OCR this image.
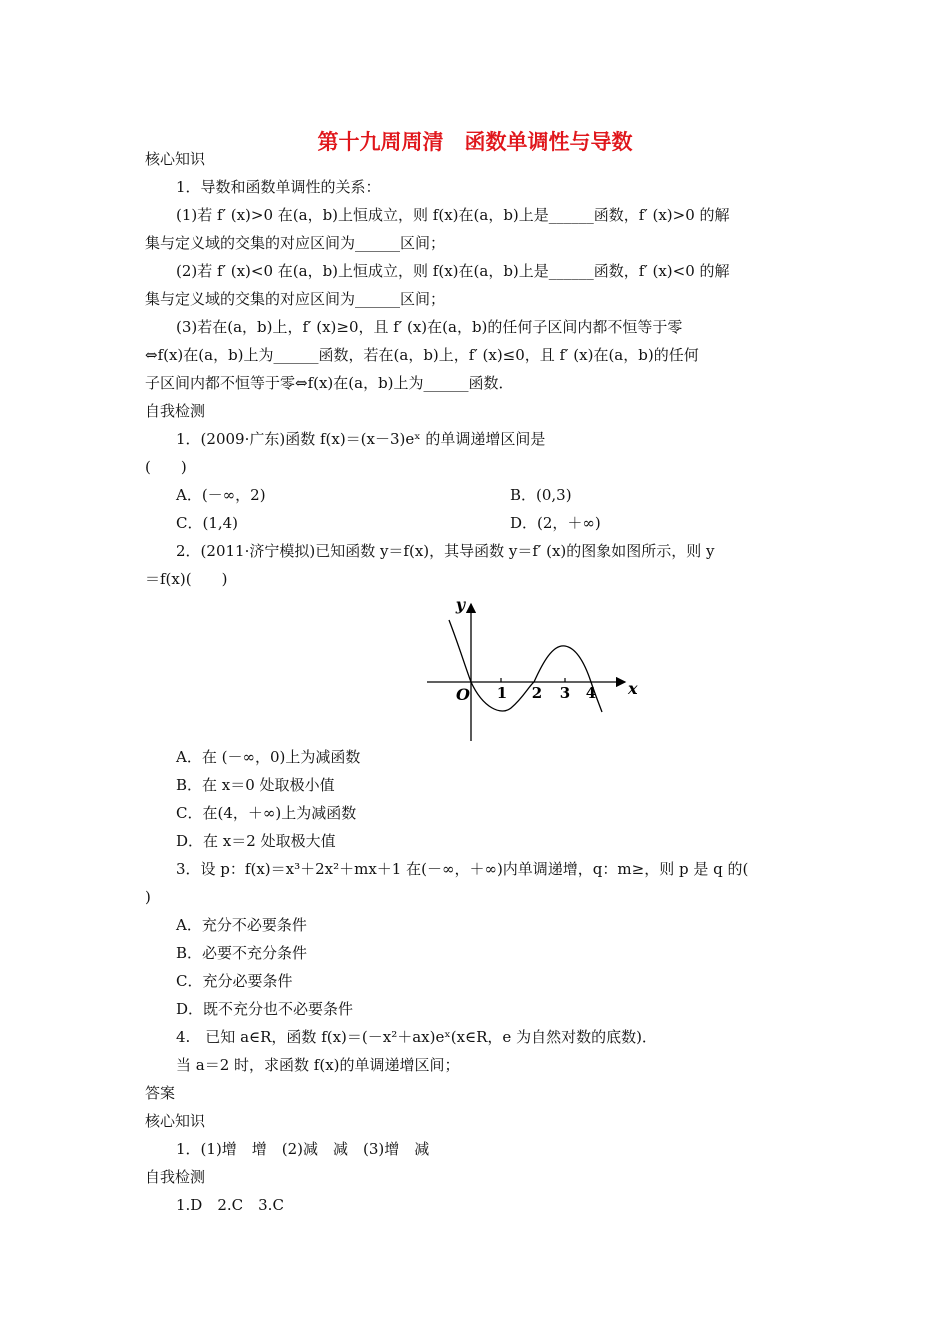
第十九周周清　函数单调性与导数
核心知识
1．导数和函数单调性的关系：
(1)若 f′ (x)>0 在(a，b)上恒成立，则 f(x)在(a，b)上是______函数，f′ (x)>0 的解
集与定义域的交集的对应区间为______区间；
(2)若 f′ (x)<0 在(a，b)上恒成立，则 f(x)在(a，b)上是______函数，f′ (x)<0 的解
集与定义域的交集的对应区间为______区间；
(3)若在(a，b)上，f′ (x)≥0，且 f′ (x)在(a，b)的任何子区间内都不恒等于零
⇔f(x)在(a，b)上为______函数，若在(a，b)上，f′ (x)≤0，且 f′ (x)在(a，b)的任何
子区间内都不恒等于零⇔f(x)在(a，b)上为______函数．
自我检测
1．(2009·广东)函数 f(x)＝(x－3)eˣ 的单调递增区间是
(　　)
A．(－∞，2)	B．(0,3)
C．(1,4)	D．(2，＋∞)
2．(2011·济宁模拟)已知函数 y＝f(x)，其导函数 y＝f′ (x)的图象如图所示，则 y
＝f(x)(　　)
y
x
O 1 2 3 4
A．在 (－∞，0)上为减函数
B．在 x＝0 处取极小值
C．在(4，＋∞)上为减函数
D．在 x＝2 处取极大值
3．设 p：f(x)＝x³＋2x²＋mx＋1 在(－∞，＋∞)内单调递增，q：m≥，则 p 是 q 的(
)
A．充分不必要条件
B．必要不充分条件
C．充分必要条件
D．既不充分也不必要条件
4.　已知 a∈R，函数 f(x)＝(－x²＋ax)eˣ(x∈R，e 为自然对数的底数)．
当 a＝2 时，求函数 f(x)的单调递增区间；
答案
核心知识
1．(1)增　增　(2)减　减　(3)增　减
自我检测
1.D　2.C　3.C
